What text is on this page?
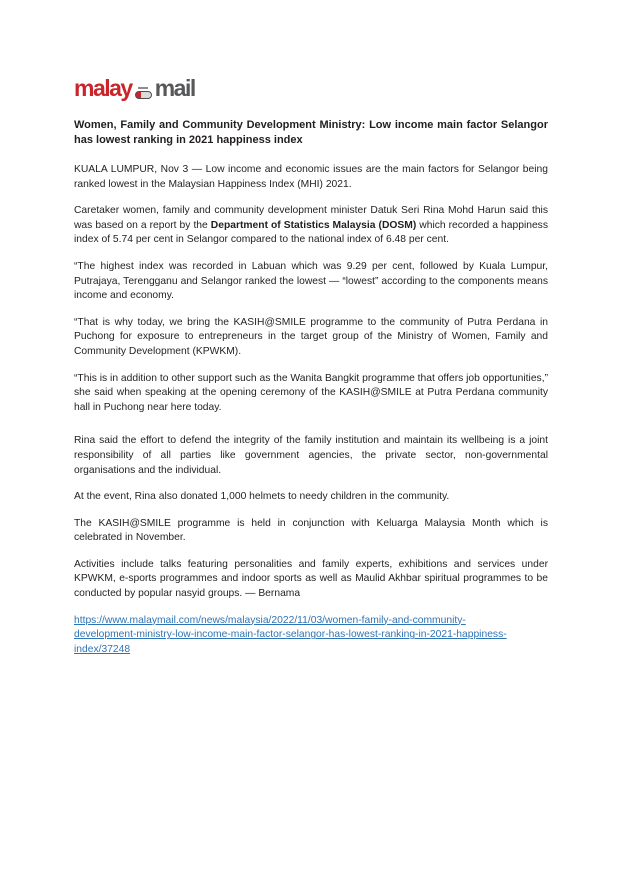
malay mail
Women, Family and Community Development Ministry: Low income main factor Selangor has lowest ranking in 2021 happiness index

KUALA LUMPUR, Nov 3 — Low income and economic issues are the main factors for Selangor being ranked lowest in the Malaysian Happiness Index (MHI) 2021.

Caretaker women, family and community development minister Datuk Seri Rina Mohd Harun said this was based on a report by the Department of Statistics Malaysia (DOSM) which recorded a happiness index of 5.74 per cent in Selangor compared to the national index of 6.48 per cent.

“The highest index was recorded in Labuan which was 9.29 per cent, followed by Kuala Lumpur, Putrajaya, Terengganu and Selangor ranked the lowest — “lowest” according to the components means income and economy.

“That is why today, we bring the KASIH@SMILE programme to the community of Putra Perdana in Puchong for exposure to entrepreneurs in the target group of the Ministry of Women, Family and Community Development (KPWKM).

“This is in addition to other support such as the Wanita Bangkit programme that offers job opportunities,” she said when speaking at the opening ceremony of the KASIH@SMILE at Putra Perdana community hall in Puchong near here today.

Rina said the effort to defend the integrity of the family institution and maintain its wellbeing is a joint responsibility of all parties like government agencies, the private sector, non-governmental organisations and the individual.

At the event, Rina also donated 1,000 helmets to needy children in the community.

The KASIH@SMILE programme is held in conjunction with Keluarga Malaysia Month which is celebrated in November.

Activities include talks featuring personalities and family experts, exhibitions and services under KPWKM, e-sports programmes and indoor sports as well as Maulid Akhbar spiritual programmes to be conducted by popular nasyid groups. — Bernama

https://www.malaymail.com/news/malaysia/2022/11/03/women-family-and-community-
development-ministry-low-income-main-factor-selangor-has-lowest-ranking-in-2021-happiness-
index/37248
